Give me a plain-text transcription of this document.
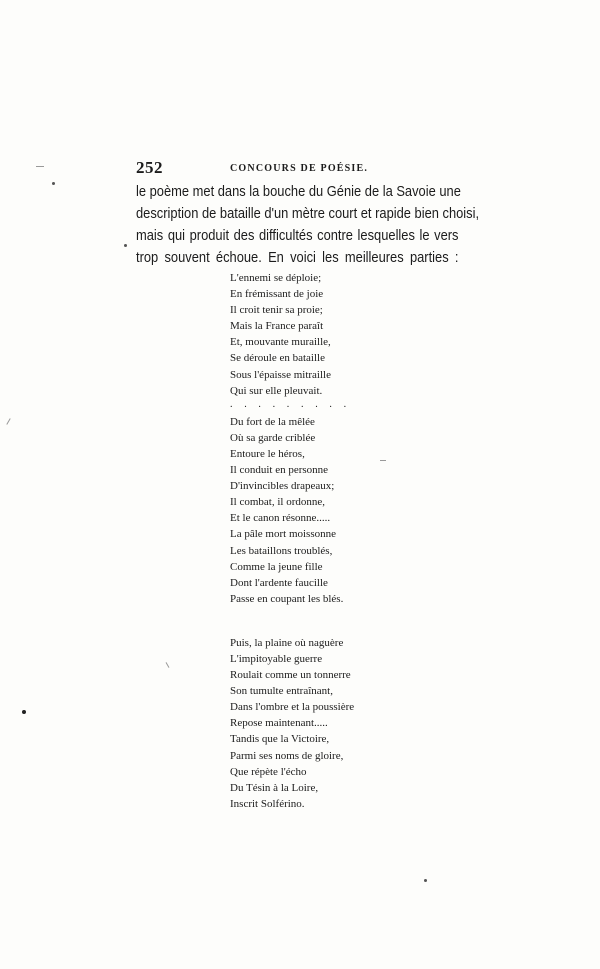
252	CONCOURS DE POÉSIE.
le poème met dans la bouche du Génie de la Savoie une
description de bataille d'un mètre court et rapide bien choisi,
mais qui produit des difficultés contre lesquelles le vers
trop souvent échoue. En voici les meilleures parties :
L'ennemi se déploie;
En frémissant de joie
Il croit tenir sa proie;
Mais la France paraît
Et, mouvante muraille,
Se déroule en bataille
Sous l'épaisse mitraille
Qui sur elle pleuvait.
. . . . . . . . .
Du fort de la mêlée
Où sa garde criblée
Entoure le héros,
Il conduit en personne
D'invincibles drapeaux;
Il combat, il ordonne,
Et le canon résonne.....
La pâle mort moissonne
Les bataillons troublés,
Comme la jeune fille
Dont l'ardente faucille
Passe en coupant les blés.
Puis, la plaine où naguère
L'impitoyable guerre
Roulait comme un tonnerre
Son tumulte entraînant,
Dans l'ombre et la poussière
Repose maintenant.....
Tandis que la Victoire,
Parmi ses noms de gloire,
Que répète l'écho
Du Tésin à la Loire,
Inscrit Solférino.
